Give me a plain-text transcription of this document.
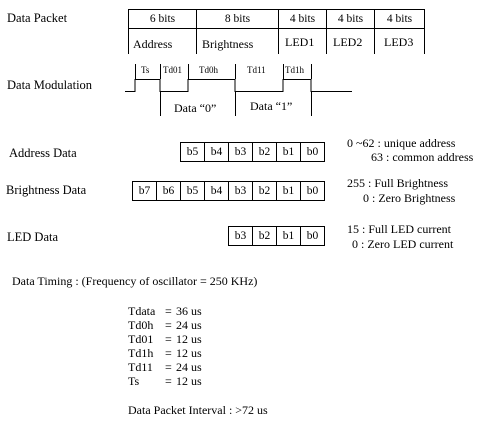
Data Packet	6 bits	8 bits	4 bits	4 bits	4 bits
Address Brightness	LED1 LED2 LED3
Data Modulation
Ts Td01 Td0h	Td11 Td1h
Data “0”	Data “1”
Address Data	b5	b4	b3	b2	b1	b0
0 ~62 : unique address
63 : common address
Brightness Data	b7	b6	b5	b4	b3	b2	b1	b0
255 : Full Brightness
0 : Zero Brightness
LED Data	b3	b2	b1	b0	15 : Full LED current
0 : Zero LED current
Data Timing : (Frequency of oscillator = 250 KHz)
Tdata = 36 us
Td0h = 24 us
Td01 = 12 us
Td1h = 12 us
Td11 = 24 us
Ts = 12 us
Data Packet Interval : >72 us
